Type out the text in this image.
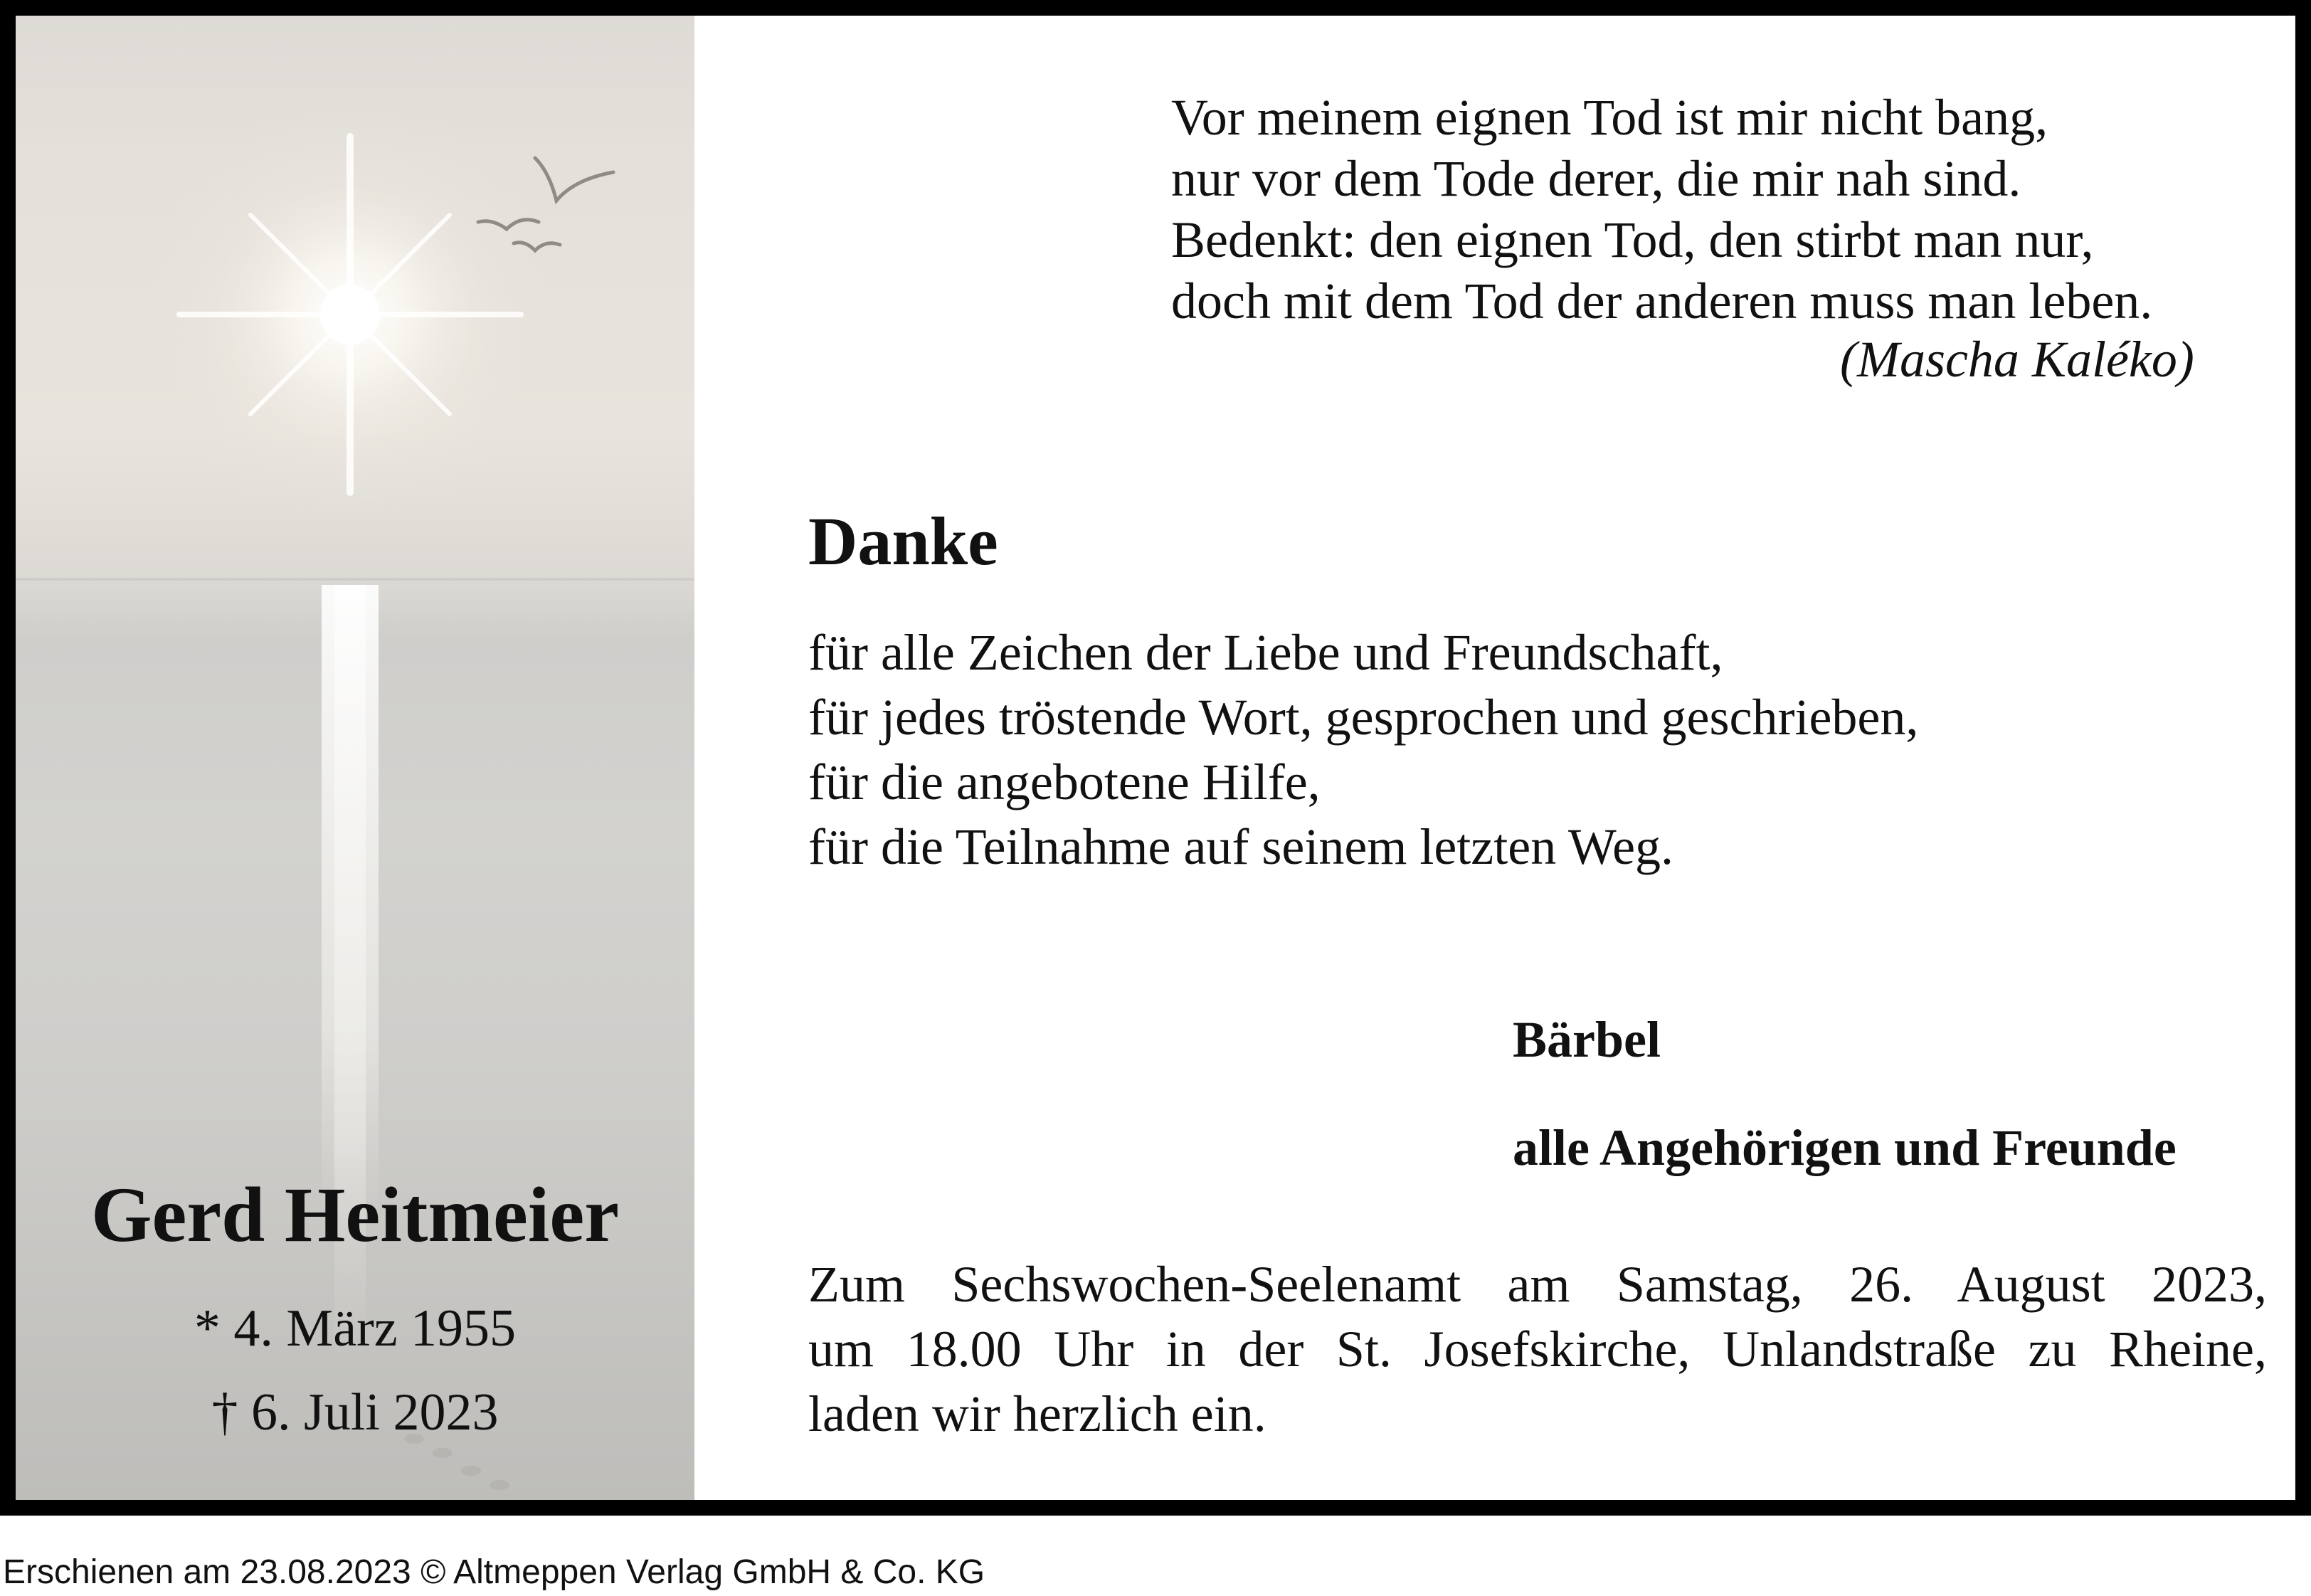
Gerd Heitmeier
* 4. März 1955
† 6. Juli 2023
Vor meinem eignen Tod ist mir nicht bang,
nur vor dem Tode derer, die mir nah sind.
Bedenkt: den eignen Tod, den stirbt man nur,
doch mit dem Tod der anderen muss man leben.
(Mascha Kaléko)
Danke
für alle Zeichen der Liebe und Freundschaft,
für jedes tröstende Wort, gesprochen und geschrieben,
für die angebotene Hilfe,
für die Teilnahme auf seinem letzten Weg.
Bärbel
alle Angehörigen und Freunde
Zum Sechswochen-Seelenamt am Samstag, 26. August 2023,
um 18.00 Uhr in der St. Josefskirche, Unlandstraße zu Rheine,
laden wir herzlich ein.
Erschienen am 23.08.2023 © Altmeppen Verlag GmbH & Co. KG
